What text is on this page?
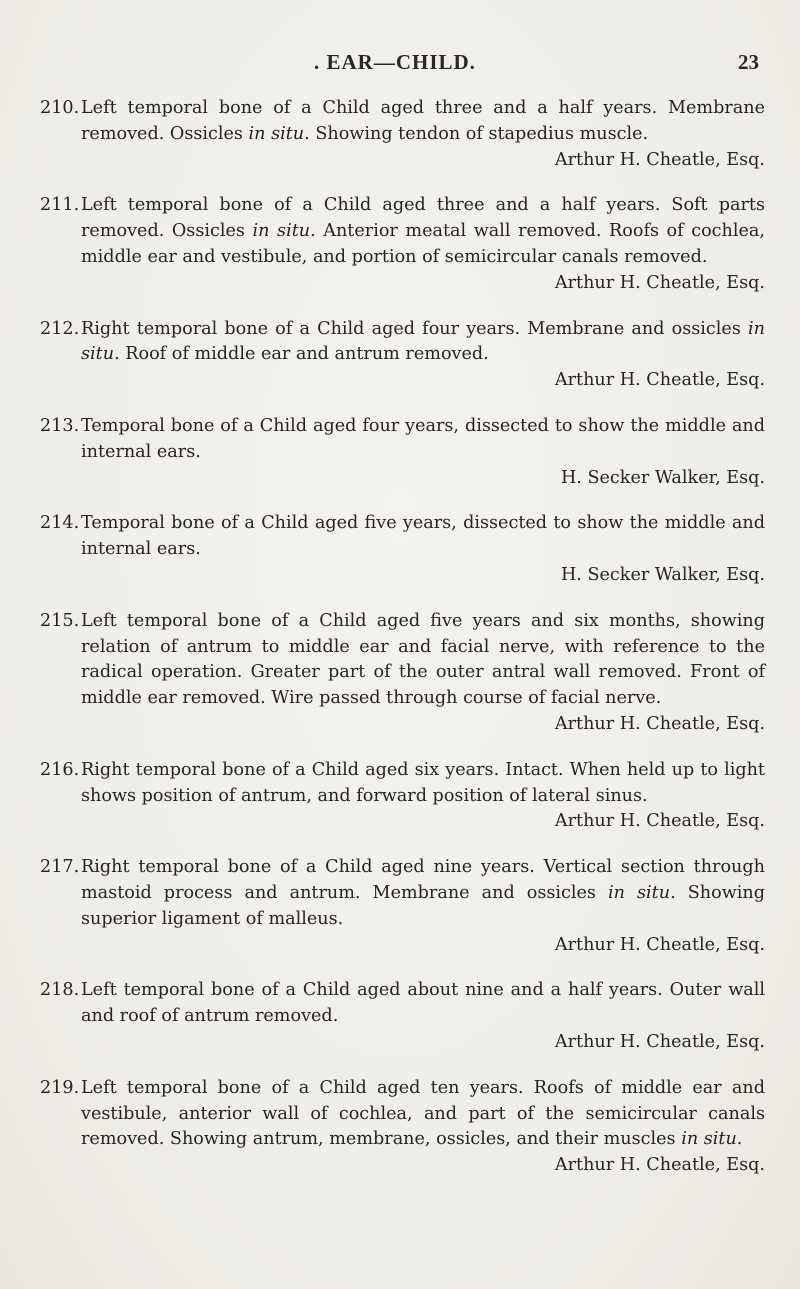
. EAR—CHILD.	23
210. Left temporal bone of a Child aged three and a half years. Membrane removed. Ossicles in situ. Showing tendon of stapedius muscle.
Arthur H. Cheatle, Esq.
211. Left temporal bone of a Child aged three and a half years. Soft parts removed. Ossicles in situ. Anterior meatal wall removed. Roofs of cochlea, middle ear and vestibule, and portion of semicircular canals removed.
Arthur H. Cheatle, Esq.
212. Right temporal bone of a Child aged four years. Membrane and ossicles in situ. Roof of middle ear and antrum removed.
Arthur H. Cheatle, Esq.
213. Temporal bone of a Child aged four years, dissected to show the middle and internal ears.
H. Secker Walker, Esq.
214. Temporal bone of a Child aged five years, dissected to show the middle and internal ears.
H. Secker Walker, Esq.
215. Left temporal bone of a Child aged five years and six months, showing relation of antrum to middle ear and facial nerve, with reference to the radical operation. Greater part of the outer antral wall removed. Front of middle ear removed. Wire passed through course of facial nerve.
Arthur H. Cheatle, Esq.
216. Right temporal bone of a Child aged six years. Intact. When held up to light shows position of antrum, and forward position of lateral sinus.
Arthur H. Cheatle, Esq.
217. Right temporal bone of a Child aged nine years. Vertical section through mastoid process and antrum. Membrane and ossicles in situ. Showing superior ligament of malleus.
Arthur H. Cheatle, Esq.
218. Left temporal bone of a Child aged about nine and a half years. Outer wall and roof of antrum removed.
Arthur H. Cheatle, Esq.
219. Left temporal bone of a Child aged ten years. Roofs of middle ear and vestibule, anterior wall of cochlea, and part of the semicircular canals removed. Showing antrum, membrane, ossicles, and their muscles in situ.
Arthur H. Cheatle, Esq.
